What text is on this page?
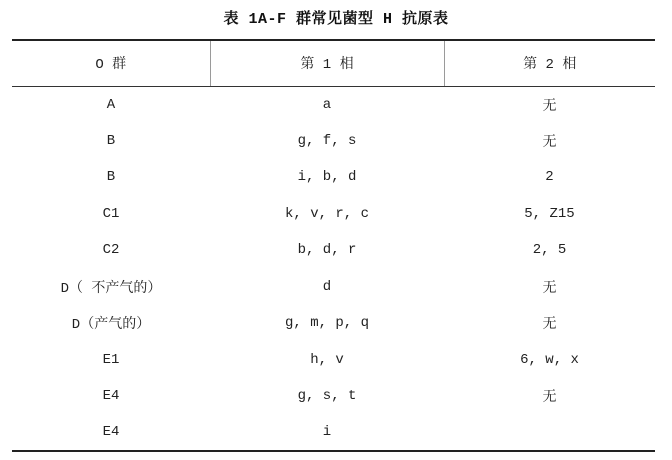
表 1A-F 群常见菌型 H 抗原表
O 群	第 1 相	第 2 相
A	a	无
B	g, f, s	无
B	i, b, d	2
C1	k, v, r, c	5, Z15
C2	b, d, r	2, 5
D（ 不产气的）	d	无
D（产气的）	g, m, p, q	无
E1	h, v	6, w, x
E4	g, s, t	无
E4	i	
